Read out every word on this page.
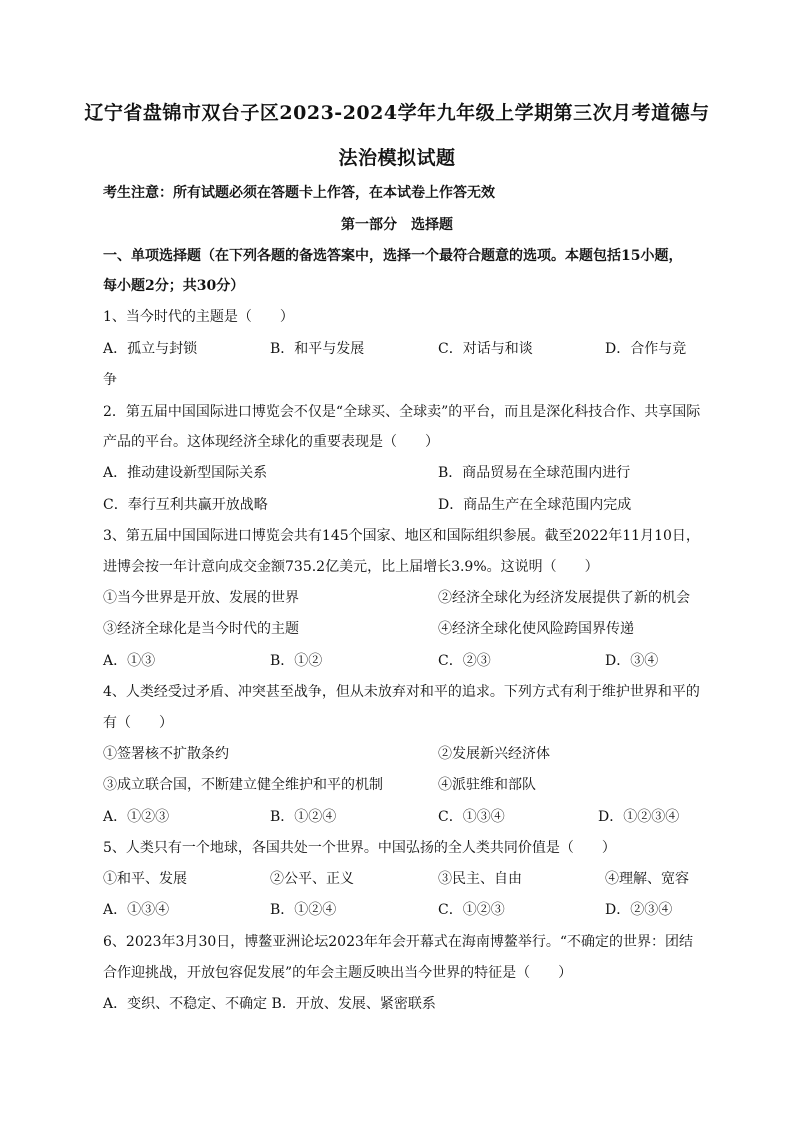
辽宁省盘锦市双台子区2023-2024学年九年级上学期第三次月考道德与
法治模拟试题
考生注意：所有试题必须在答题卡上作答，在本试卷上作答无效
第一部分　选择题
一、单项选择题（在下列各题的备选答案中，选择一个最符合题意的选项。本题包括15小题，
每小题2分；共30分）
1、当今时代的主题是（　　）
A．孤立与封锁	B．和平与发展	C．对话与和谈	D．合作与竞
争
2．第五届中国国际进口博览会不仅是“全球买、全球卖”的平台，而且是深化科技合作、共享国际
产品的平台。这体现经济全球化的重要表现是（　　）
A．推动建设新型国际关系	B．商品贸易在全球范围内进行
C．奉行互利共赢开放战略	D．商品生产在全球范围内完成
3、第五届中国国际进口博览会共有145个国家、地区和国际组织参展。截至2022年11月10日，
进博会按一年计意向成交金额735.2亿美元，比上届增长3.9%。这说明（　　）
①当今世界是开放、发展的世界	②经济全球化为经济发展提供了新的机会
③经济全球化是当今时代的主题	④经济全球化使风险跨国界传递
A．①③	B．①②	C．②③	D．③④
4、人类经受过矛盾、冲突甚至战争，但从未放弃对和平的追求。下列方式有利于维护世界和平的
有（　　）
①签署核不扩散条约	②发展新兴经济体
③成立联合国，不断建立健全维护和平的机制	④派驻维和部队
A．①②③	B．①②④	C．①③④	D．①②③④
5、人类只有一个地球，各国共处一个世界。中国弘扬的全人类共同价值是（　　）
①和平、发展	②公平、正义	③民主、自由	④理解、宽容
A．①③④	B．①②④	C．①②③	D．②③④
6、2023年3月30日，博鳌亚洲论坛2023年年会开幕式在海南博鳌举行。“不确定的世界：团结
合作迎挑战，开放包容促发展”的年会主题反映出当今世界的特征是（　　）
A．变织、不稳定、不确定 B．开放、发展、紧密联系
